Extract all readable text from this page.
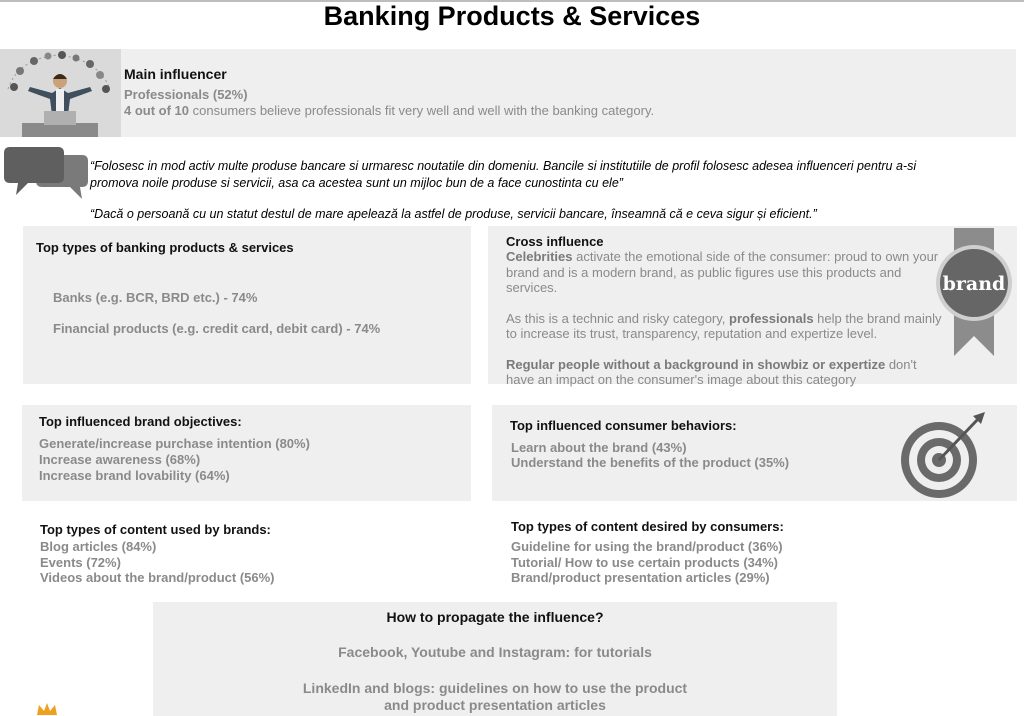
Banking Products & Services
Main influencer
Professionals (52%)
4 out of 10 consumers believe professionals fit very well and well with the banking category.
“Folosesc in mod activ multe produse bancare si urmaresc noutatile din domeniu. Bancile si institutiile de profil folosesc adesea influenceri pentru a-si
promova noile produse si servicii, asa ca acestea sunt un mijloc bun de a face cunostinta cu ele”
“Dacă o persoană cu un statut destul de mare apelează la astfel de produse, servicii bancare, înseamnă că e ceva sigur și eficient.”
Top types of banking products & services
Banks (e.g. BCR, BRD etc.) - 74%
Financial products (e.g. credit card, debit card) - 74%
Cross influence
Celebrities activate the emotional side of the consumer: proud to own your
brand and is a modern brand, as public figures use this products and
services.
As this is a technic and risky category, professionals help the brand mainly
to increase its trust, transparency, reputation and expertize level.
Regular people without a background in showbiz or expertize don't
have an impact on the consumer's image about this category
brand
Top influenced brand objectives:
Generate/increase purchase intention (80%)
Increase awareness (68%)
Increase brand lovability (64%)
Top influenced consumer behaviors:
Learn about the brand (43%)
Understand the benefits of the product (35%)
Top types of content used by brands:
Blog articles (84%)
Events (72%)
Videos about the brand/product (56%)
Top types of content desired by consumers:
Guideline for using the brand/product (36%)
Tutorial/ How to use certain products (34%)
Brand/product presentation articles (29%)
How to propagate the influence?
Facebook, Youtube and Instagram: for tutorials
LinkedIn and blogs: guidelines on how to use the product
and product presentation articles
